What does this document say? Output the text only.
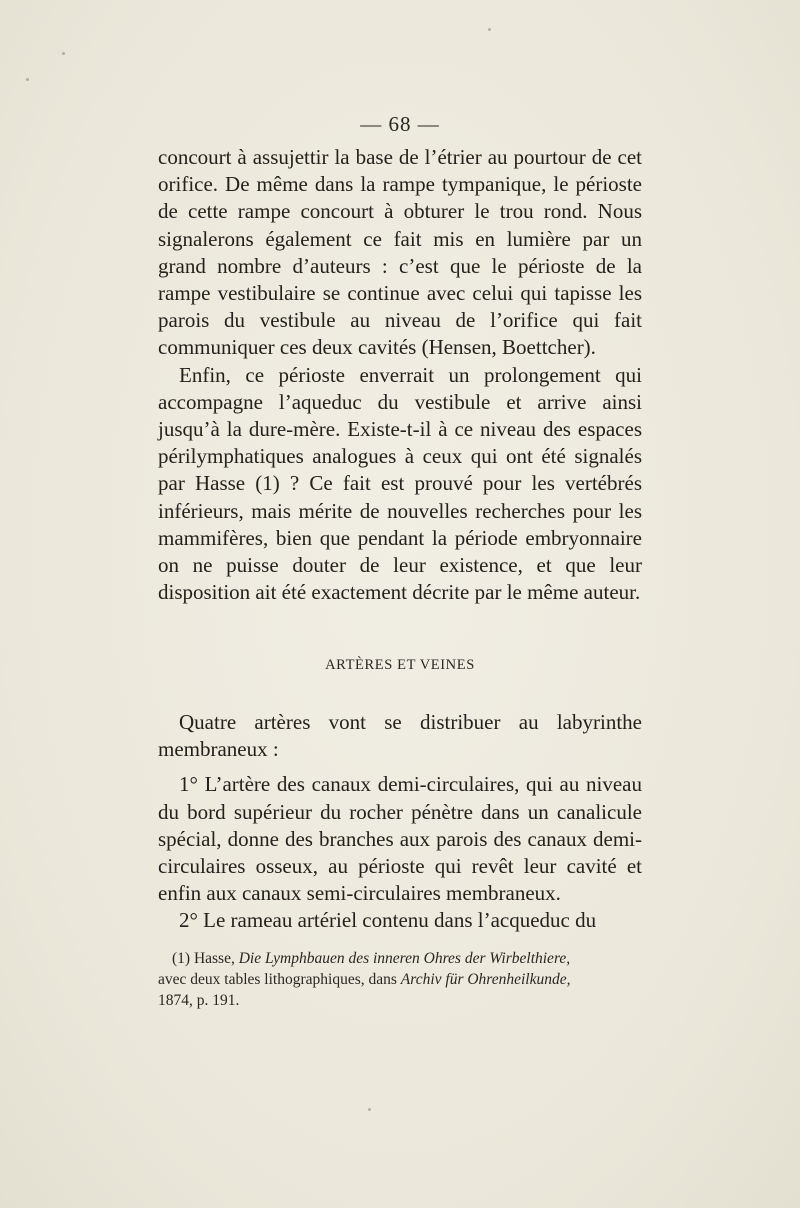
— 68 —

concourt à assujettir la base de l’étrier au pourtour de cet orifice. De même dans la rampe tympanique, le périoste de cette rampe concourt à obturer le trou rond. Nous signalerons également ce fait mis en lumière par un grand nombre d’auteurs : c’est que le périoste de la rampe vestibulaire se continue avec celui qui tapisse les parois du vestibule au niveau de l’orifice qui fait communiquer ces deux cavités (Hensen, Boettcher).

Enfin, ce périoste enverrait un prolongement qui accompagne l’aqueduc du vestibule et arrive ainsi jusqu’à la dure-mère. Existe-t-il à ce niveau des espaces périlymphatiques analogues à ceux qui ont été signalés par Hasse (1) ? Ce fait est prouvé pour les vertébrés inférieurs, mais mérite de nouvelles recherches pour les mammifères, bien que pendant la période embryonnaire on ne puisse douter de leur existence, et que leur disposition ait été exactement décrite par le même auteur.

ARTÈRES ET VEINES

Quatre artères vont se distribuer au labyrinthe membraneux :

1° L’artère des canaux demi-circulaires, qui au niveau du bord supérieur du rocher pénètre dans un canalicule spécial, donne des branches aux parois des canaux demi-circulaires osseux, au périoste qui revêt leur cavité et enfin aux canaux semi-circulaires membraneux.

2° Le rameau artériel contenu dans l’acqueduc du

(1) Hasse, Die Lymphbauen des inneren Ohres der Wirbelthiere,
avec deux tables lithographiques, dans Archiv für Ohrenheilkunde,
1874, p. 191.
